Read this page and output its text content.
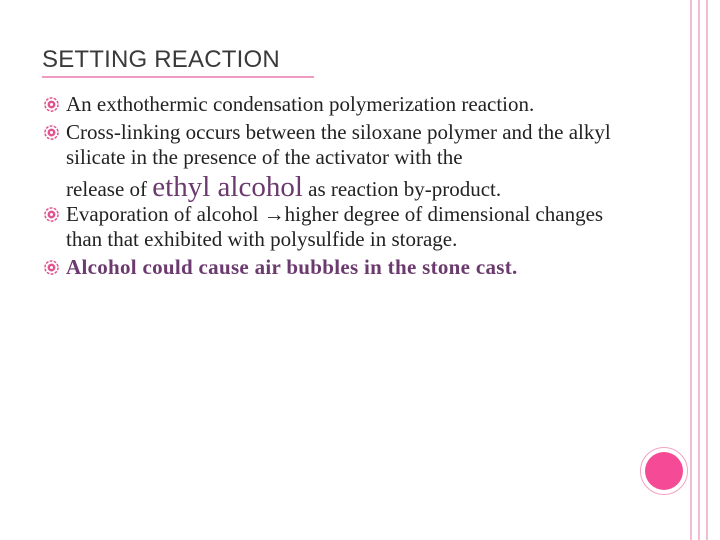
SETTING REACTION
An exthothermic condensation polymerization reaction.
Cross-linking occurs between the siloxane polymer and the alkyl silicate in the presence of the activator with the
release of ethyl alcohol as reaction by-product.
Evaporation of alcohol →higher degree of dimensional changes than that exhibited with polysulfide in storage.
Alcohol could cause air bubbles in the stone cast.
